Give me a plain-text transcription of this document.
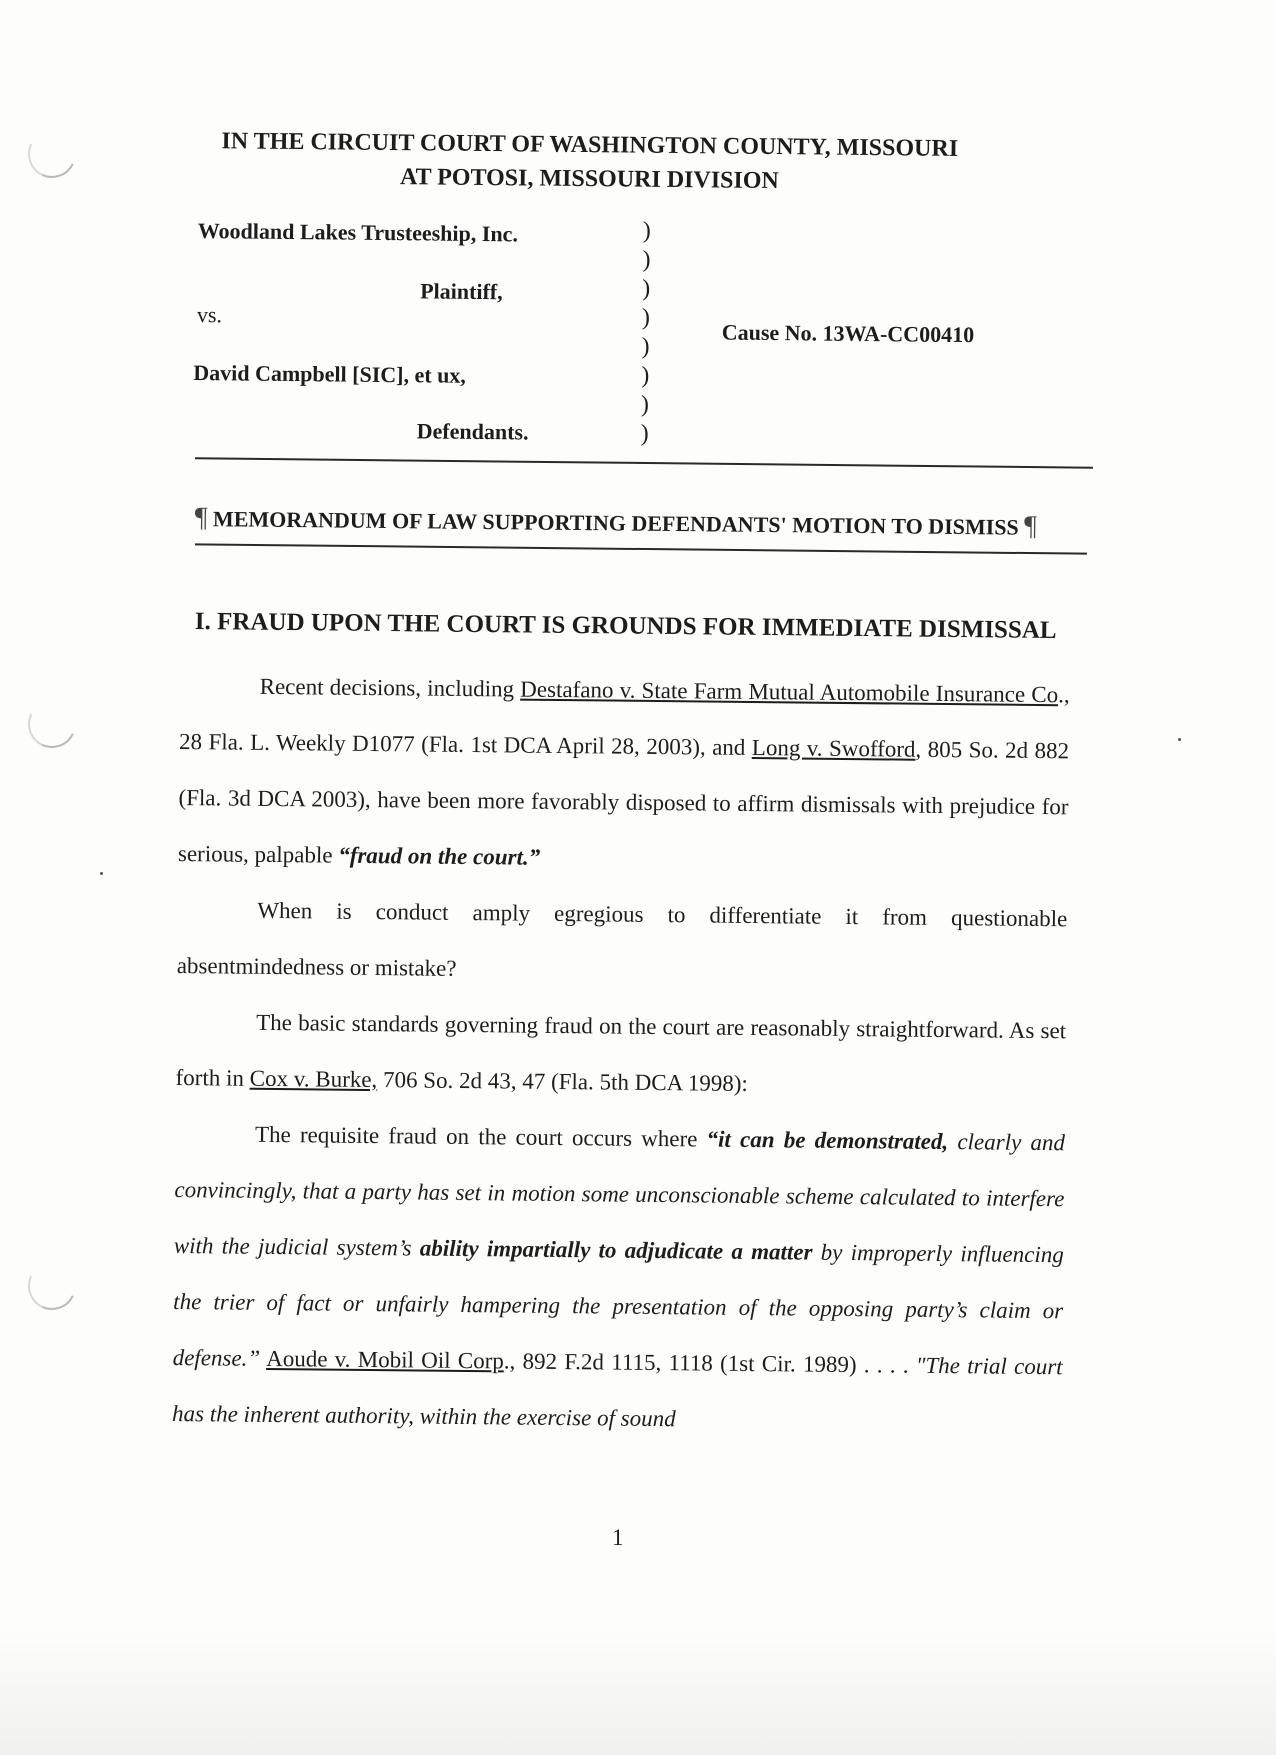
IN THE CIRCUIT COURT OF WASHINGTON COUNTY, MISSOURI
AT POTOSI, MISSOURI DIVISION
Woodland Lakes Trusteeship, Inc.
Plaintiff,
vs.
David Campbell [SIC], et ux,
Defendants.
)
)
)
)
)
)
)
)
Cause No. 13WA-CC00410
¶ MEMORANDUM OF LAW SUPPORTING DEFENDANTS' MOTION TO DISMISS ¶
I. FRAUD UPON THE COURT IS GROUNDS FOR IMMEDIATE DISMISSAL

Recent decisions, including Destafano v. State Farm Mutual Automobile Insurance Co., 28 Fla. L. Weekly D1077 (Fla. 1st DCA April 28, 2003), and Long v. Swofford, 805 So. 2d 882 (Fla. 3d DCA 2003), have been more favorably disposed to affirm dismissals with prejudice for serious, palpable “fraud on the court.”

When is conduct amply egregious to differentiate it from questionable absentmindedness or mistake?

The basic standards governing fraud on the court are reasonably straightforward. As set forth in Cox v. Burke, 706 So. 2d 43, 47 (Fla. 5th DCA 1998):

The requisite fraud on the court occurs where “it can be demonstrated, clearly and convincingly, that a party has set in motion some unconscionable scheme calculated to interfere with the judicial system’s ability impartially to adjudicate a matter by improperly influencing the trier of fact or unfairly hampering the presentation of the opposing party’s claim or defense.” Aoude v. Mobil Oil Corp., 892 F.2d 1115, 1118 (1st Cir. 1989) . . . . "The trial court has the inherent authority, within the exercise of sound

1
